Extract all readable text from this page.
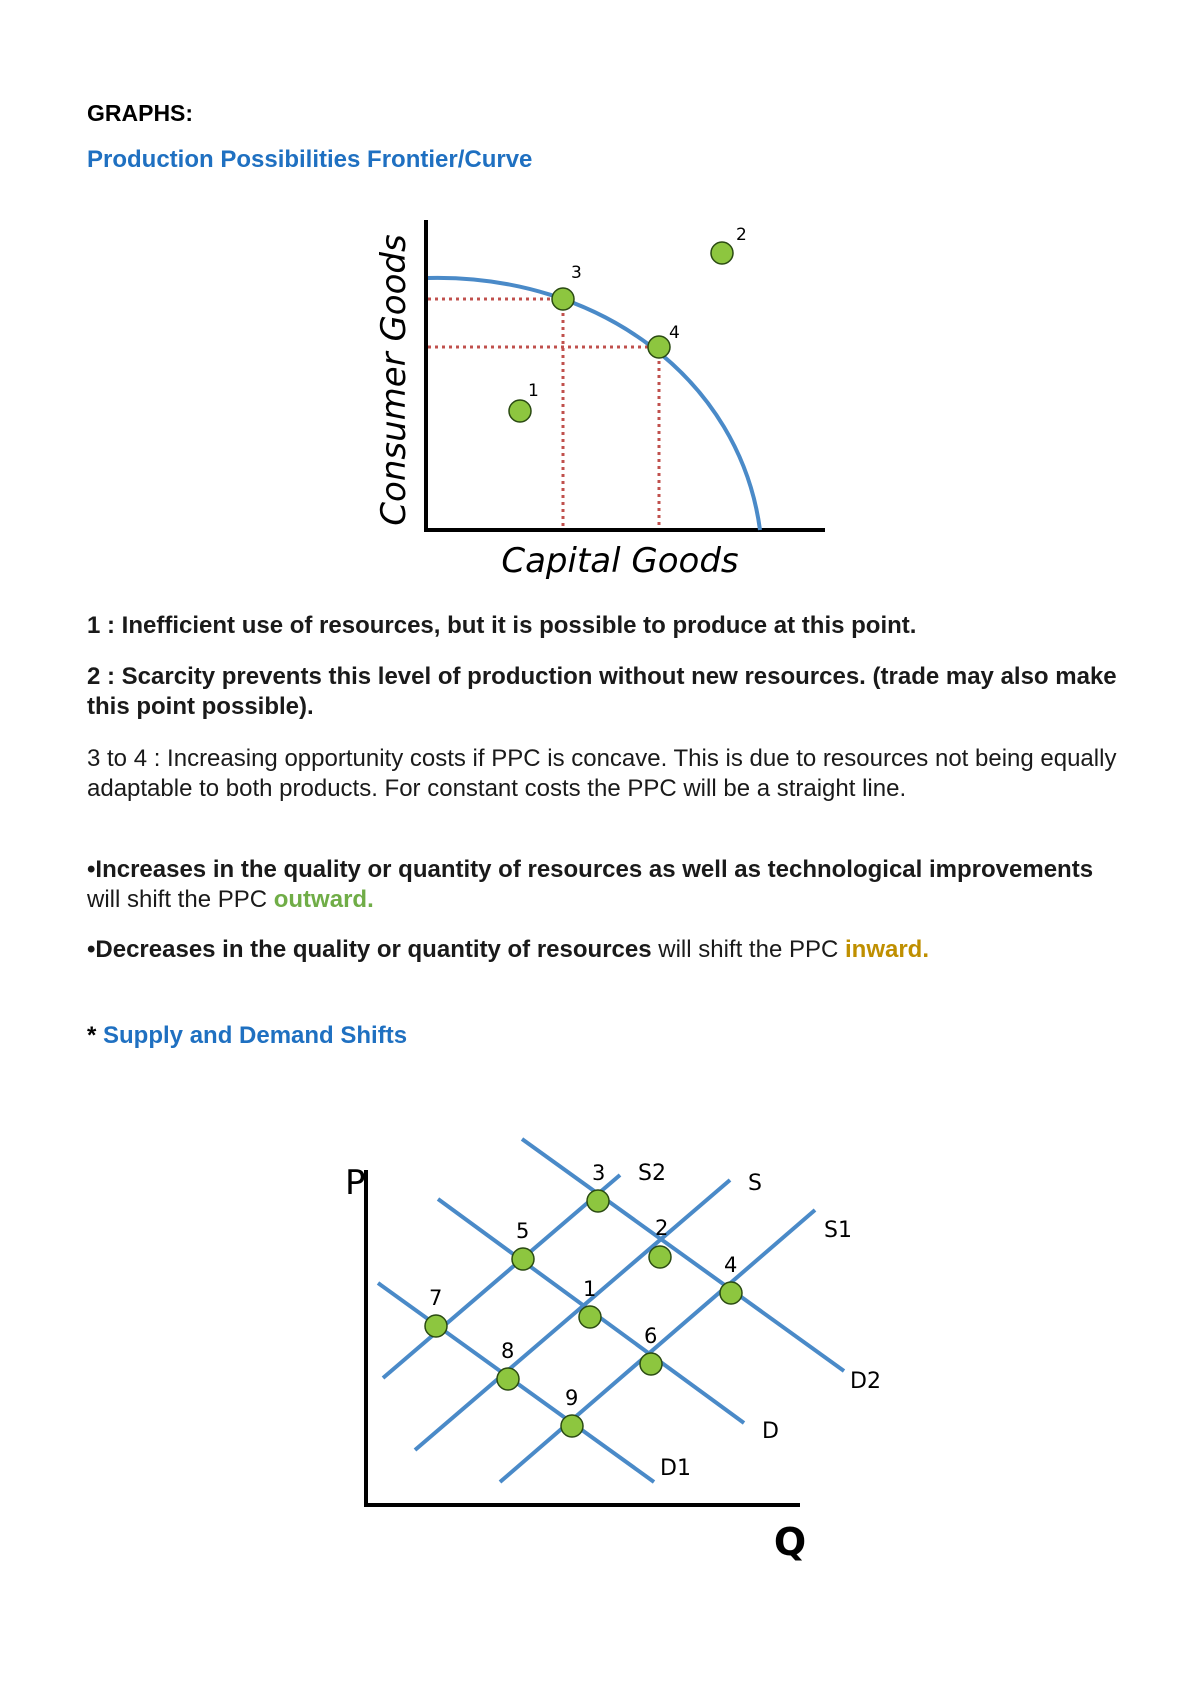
GRAPHS:
Production Possibilities Frontier/Curve
1
2
3
4
Consumer Goods
Capital Goods
1 : Inefficient use of resources, but it is possible to produce at this point.
2 : Scarcity prevents this level of production without new resources. (trade may also make this point possible).
3 to 4 : Increasing opportunity costs if PPC is concave. This is due to resources not being equally adaptable to both products. For constant costs the PPC will be a straight line.
•Increases in the quality or quantity of resources as well as technological improvements will shift the PPC outward.
•Decreases in the quality or quantity of resources will shift the PPC inward.
* Supply and Demand Shifts
P
Q
S2	S
S1
D1
D
D2
1
2
3
4
5
6
7
8
9
